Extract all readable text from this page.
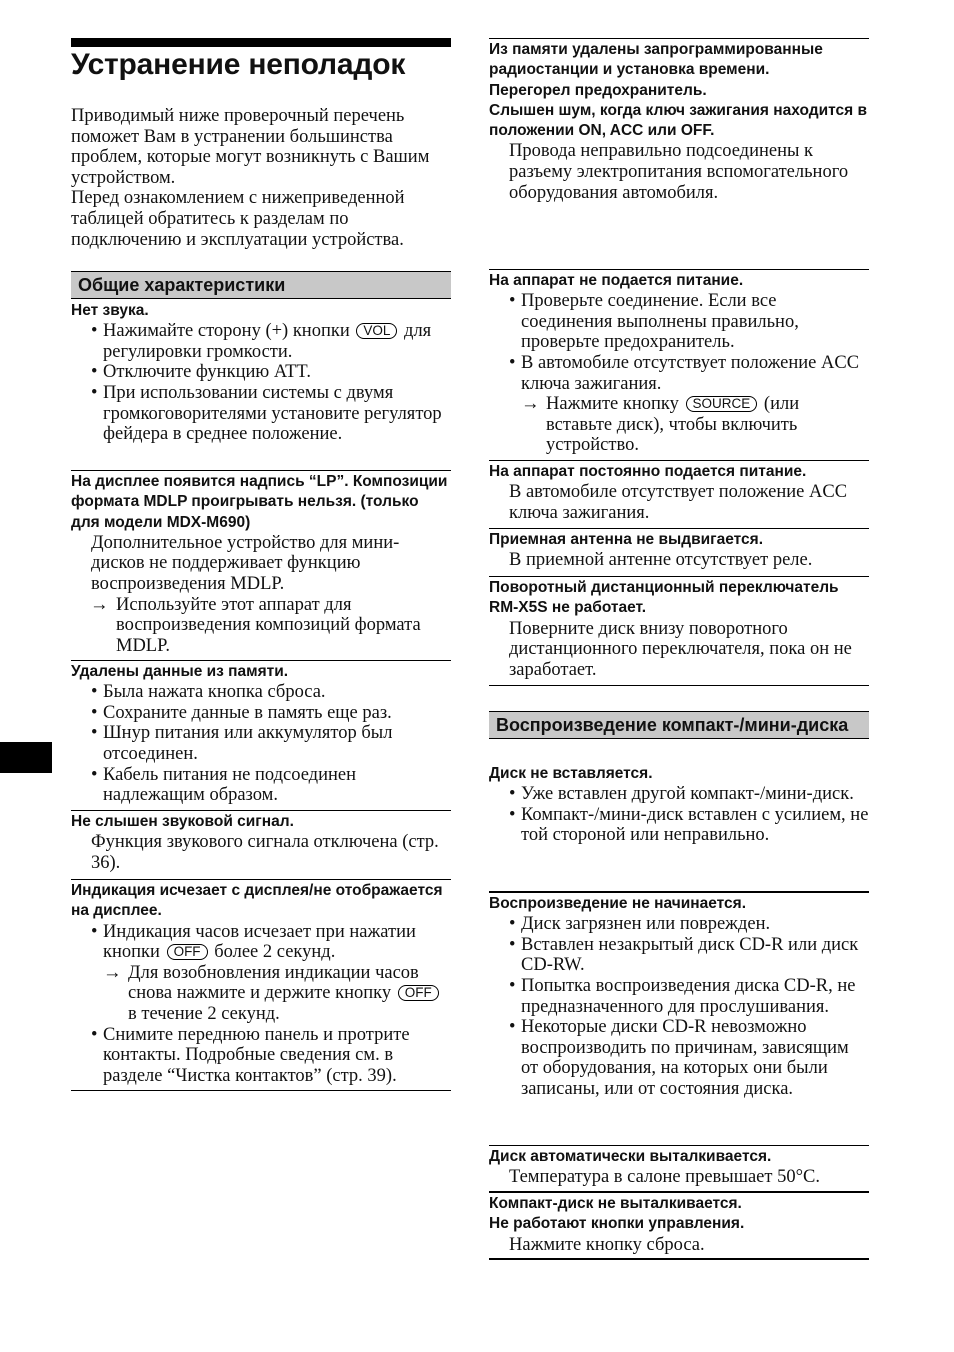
Устранение неполадок

Приводимый ниже проверочный перечень поможет Вам в устранении большинства проблем, которые могут возникнуть с Вашим устройством.
Перед ознакомлением с нижеприведенной таблицей обратитесь к разделам по подключению и эксплуатации устройства.

Общие характеристики
Нет звука.
• Нажимайте сторону (+) кнопки VOL для регулировки громкости.
• Отключите функцию ATT.
• При использовании системы с двумя громкоговорителями установите регулятор фейдера в среднее положение.
На дисплее появится надпись “LP”. Композиции формата MDLP проигрывать нельзя. (только для модели MDX-M690)
Дополнительное устройство для мини-дисков не поддерживает функцию воспроизведения MDLP.
→ Используйте этот аппарат для воспроизведения композиций формата MDLP.
Удалены данные из памяти.
• Была нажата кнопка сброса.
• Сохраните данные в память еще раз.
• Шнур питания или аккумулятор был отсоединен.
• Кабель питания не подсоединен надлежащим образом.
Не слышен звуковой сигнал.
Функция звукового сигнала отключена (стр. 36).
Индикация исчезает с дисплея/не отображается на дисплее.
• Индикация часов исчезает при нажатии кнопки OFF более 2 секунд.
→ Для возобновления индикации часов снова нажмите и держите кнопку OFF в течение 2 секунд.
• Снимите переднюю панель и протрите контакты. Подробные сведения см. в разделе “Чистка контактов” (стр. 39).
Из памяти удалены запрограммированные радиостанции и установка времени.
Перегорел предохранитель.
Слышен шум, когда ключ зажигания находится в положении ON, ACC или OFF.
Провода неправильно подсоединены к разъему электропитания вспомогательного оборудования автомобиля.
На аппарат не подается питание.
• Проверьте соединение. Если все соединения выполнены правильно, проверьте предохранитель.
• В автомобиле отсутствует положение ACC ключа зажигания.
→ Нажмите кнопку SOURCE (или вставьте диск), чтобы включить устройство.
На аппарат постоянно подается питание.
В автомобиле отсутствует положение ACC ключа зажигания.
Приемная антенна не выдвигается.
В приемной антенне отсутствует реле.
Поворотный дистанционный переключатель RM-X5S не работает.
Поверните диск внизу поворотного дистанционного переключателя, пока он не заработает.
Воспроизведение компакт-/мини-диска
Диск не вставляется.
• Уже вставлен другой компакт-/мини-диск.
• Компакт-/мини-диск вставлен с усилием, не той стороной или неправильно.
Воспроизведение не начинается.
• Диск загрязнен или поврежден.
• Вставлен незакрытый диск CD-R или диск CD-RW.
• Попытка воспроизведения диска CD-R, не предназначенного для прослушивания.
• Некоторые диски CD-R невозможно воспроизводить по причинам, зависящим от оборудования, на которых они были записаны, или от состояния диска.
Диск автоматически выталкивается.
Температура в салоне превышает 50°C.
Компакт-диск не выталкивается.
Не работают кнопки управления.
Нажмите кнопку сброса.
